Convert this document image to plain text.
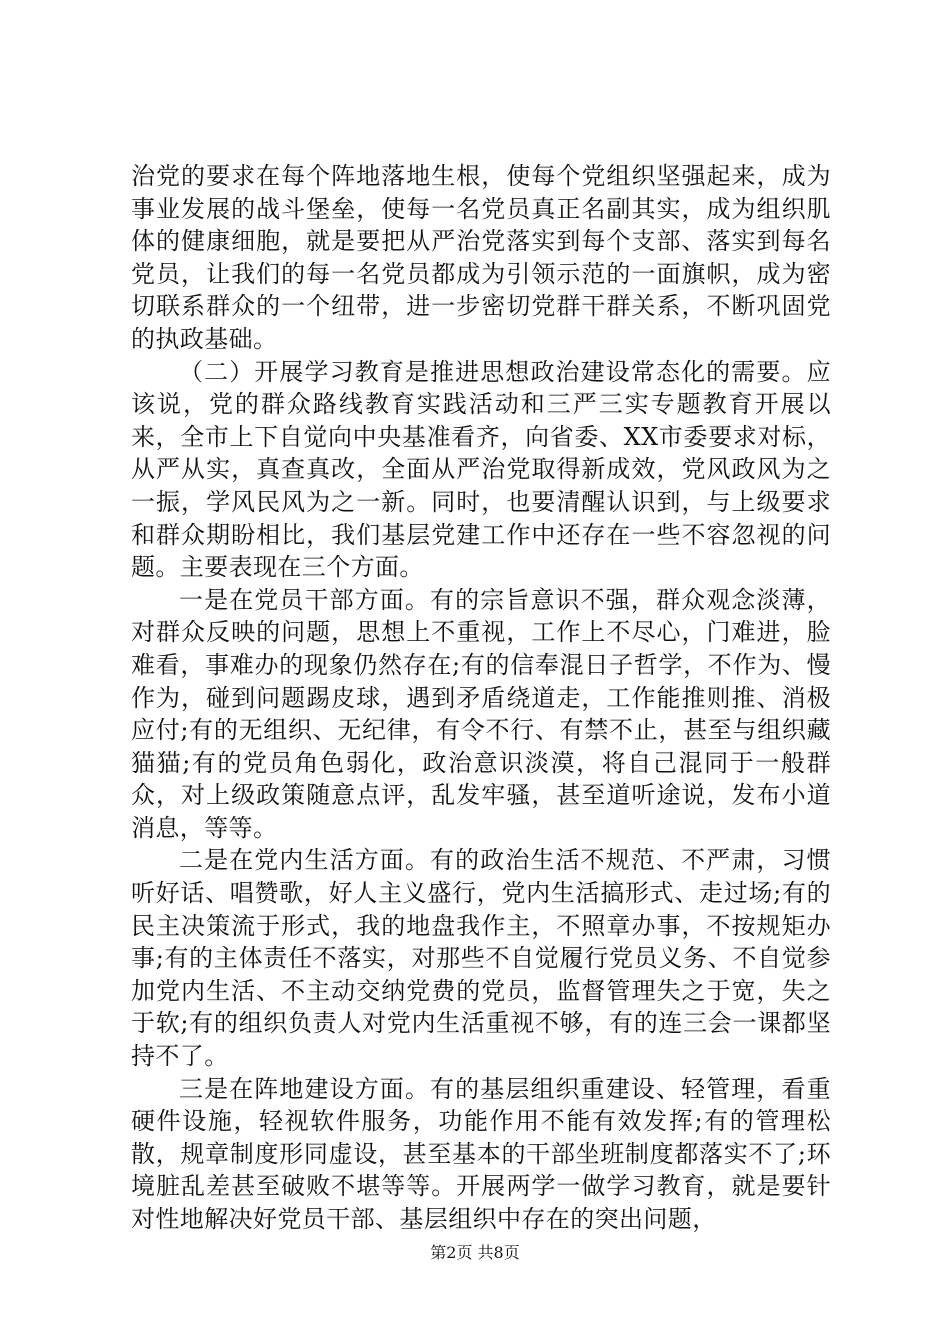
治党的要求在每个阵地落地生根，使每个党组织坚强起来，成为事业发展的战斗堡垒，使每一名党员真正名副其实，成为组织肌体的健康细胞，就是要把从严治党落实到每个支部、落实到每名党员，让我们的每一名党员都成为引领示范的一面旗帜，成为密切联系群众的一个纽带，进一步密切党群干群关系，不断巩固党的执政基础。

（二）开展学习教育是推进思想政治建设常态化的需要。应该说，党的群众路线教育实践活动和三严三实专题教育开展以来，全市上下自觉向中央基准看齐，向省委、XX市委要求对标，从严从实，真查真改，全面从严治党取得新成效，党风政风为之一振，学风民风为之一新。同时，也要清醒认识到，与上级要求和群众期盼相比，我们基层党建工作中还存在一些不容忽视的问题。主要表现在三个方面。

一是在党员干部方面。有的宗旨意识不强，群众观念淡薄，对群众反映的问题，思想上不重视，工作上不尽心，门难进，脸难看，事难办的现象仍然存在;有的信奉混日子哲学，不作为、慢作为，碰到问题踢皮球，遇到矛盾绕道走，工作能推则推、消极应付;有的无组织、无纪律，有令不行、有禁不止，甚至与组织藏猫猫;有的党员角色弱化，政治意识淡漠，将自己混同于一般群众，对上级政策随意点评，乱发牢骚，甚至道听途说，发布小道消息，等等。

二是在党内生活方面。有的政治生活不规范、不严肃，习惯听好话、唱赞歌，好人主义盛行，党内生活搞形式、走过场;有的民主决策流于形式，我的地盘我作主，不照章办事，不按规矩办事;有的主体责任不落实，对那些不自觉履行党员义务、不自觉参加党内生活、不主动交纳党费的党员，监督管理失之于宽，失之于软;有的组织负责人对党内生活重视不够，有的连三会一课都坚持不了。

三是在阵地建设方面。有的基层组织重建设、轻管理，看重硬件设施，轻视软件服务，功能作用不能有效发挥;有的管理松散，规章制度形同虚设，甚至基本的干部坐班制度都落实不了;环境脏乱差甚至破败不堪等等。开展两学一做学习教育，就是要针对性地解决好党员干部、基层组织中存在的突出问题，

第2页 共8页
